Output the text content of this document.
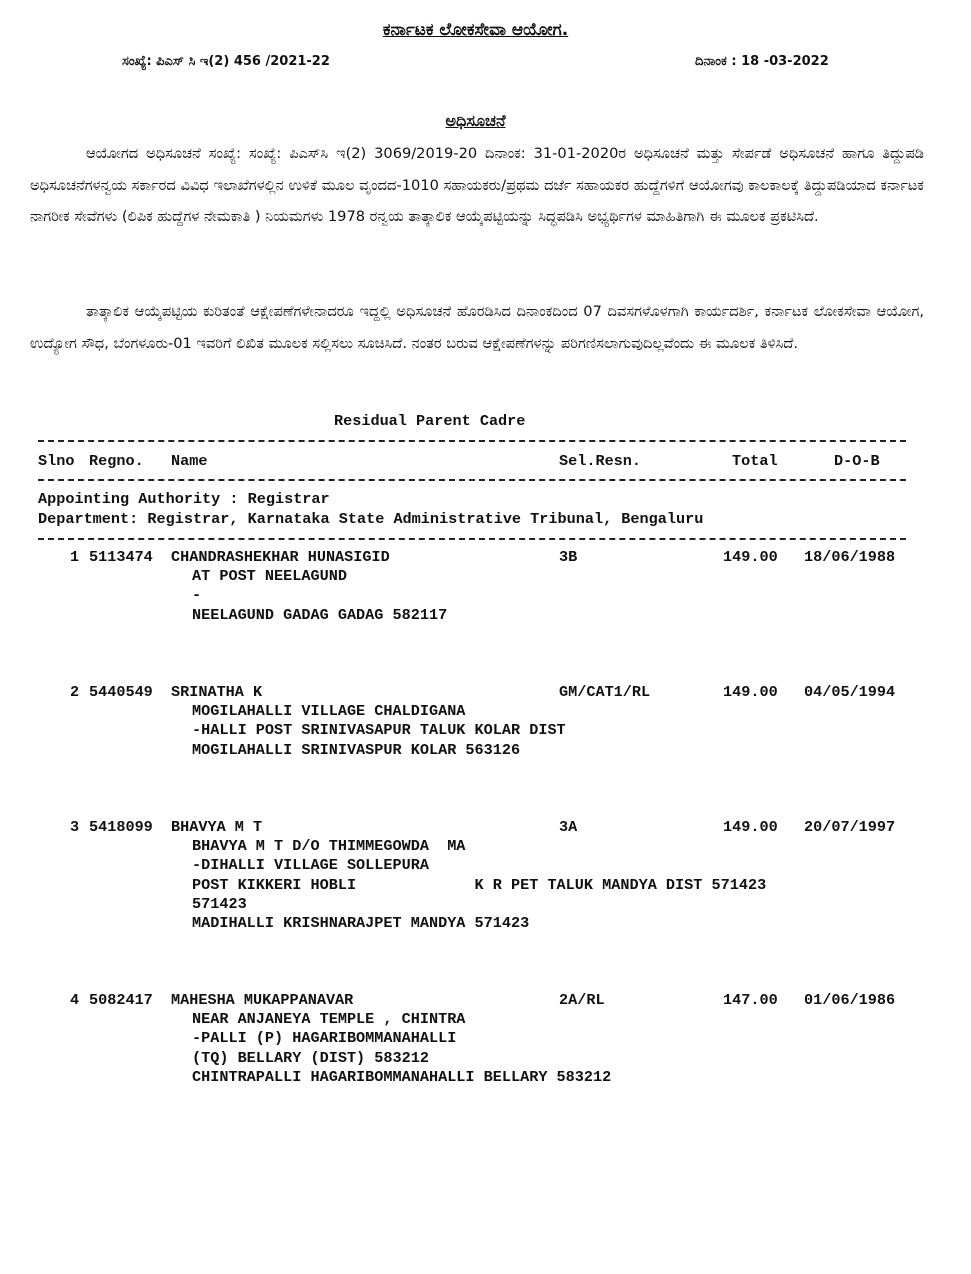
ಕರ್ನಾಟಕ ಲೋಕಸೇವಾ ಆಯೋಗ.
ಸಂಖ್ಯೆ: ಪಿಎಸ್ ಸಿ ಇ(2) 456 /2021-22	ದಿನಾಂಕ : 18 -03-2022
ಅಧಿಸೂಚನೆ
ಆಯೋಗದ ಅಧಿಸೂಚನೆ ಸಂಖ್ಯೆ: ಸಂಖ್ಯೆ: ಪಿಎಸ್‌ಸಿ ಇ(2) 3069/2019-20 ದಿನಾಂಕ: 31-01-2020ರ ಅಧಿಸೂಚನೆ ಮತ್ತು ಸೇರ್ಪಡೆ ಅಧಿಸೂಚನೆ ಹಾಗೂ ತಿದ್ದುಪಡಿ ಅಧಿಸೂಚನೆಗಳನ್ವಯ ಸರ್ಕಾರದ ವಿವಿಧ ಇಲಾಖೆಗಳಲ್ಲಿನ ಉಳಿಕೆ ಮೂಲ ವೃಂದದ-1010 ಸಹಾಯಕರು/ಪ್ರಥಮ ದರ್ಜೆ ಸಹಾಯಕರ ಹುದ್ದೆಗಳಿಗೆ ಆಯೋಗವು ಕಾಲಕಾಲಕ್ಕೆ ತಿದ್ದುಪಡಿಯಾದ ಕರ್ನಾಟಕ ನಾಗರೀಕ ಸೇವೆಗಳು (ಲಿಪಿಕ ಹುದ್ದೆಗಳ ನೇಮಕಾತಿ ) ನಿಯಮಗಳು 1978 ರನ್ವಯ ತಾತ್ಕಾಲಿಕ ಆಯ್ಕೆಪಟ್ಟಿಯನ್ನು ಸಿದ್ಧಪಡಿಸಿ ಅಭ್ಯರ್ಥಿಗಳ ಮಾಹಿತಿಗಾಗಿ ಈ ಮೂಲಕ ಪ್ರಕಟಿಸಿದೆ.
ತಾತ್ಕಾಲಿಕ ಆಯ್ಕೆಪಟ್ಟಿಯ ಕುರಿತಂತೆ ಆಕ್ಷೇಪಣೆಗಳೇನಾದರೂ ಇದ್ದಲ್ಲಿ ಅಧಿಸೂಚನೆ ಹೊರಡಿಸಿದ ದಿನಾಂಕದಿಂದ 07 ದಿವಸಗಳೊಳಗಾಗಿ ಕಾರ್ಯದರ್ಶಿ, ಕರ್ನಾಟಕ ಲೋಕಸೇವಾ ಆಯೋಗ, ಉದ್ಯೋಗ ಸೌಧ, ಬೆಂಗಳೂರು-01 ಇವರಿಗೆ ಲಿಖಿತ ಮೂಲಕ ಸಲ್ಲಿಸಲು ಸೂಚಿಸಿದೆ. ನಂತರ ಬರುವ ಆಕ್ಷೇಪಣೆಗಳನ್ನು ಪರಿಗಣಿಸಲಾಗುವುದಿಲ್ಲವೆಂದು ಈ ಮೂಲಕ ತಿಳಿಸಿದೆ.
Residual Parent Cadre
Slno Regno. Name	Sel.Resn.	Total	D-O-B
Appointing Authority : Registrar
Department: Registrar, Karnataka State Administrative Tribunal, Bengaluru
1 5113474 CHANDRASHEKHAR HUNASIGID	3B	149.00 18/06/1988
AT POST NEELAGUND
-
NEELAGUND GADAG GADAG 582117
2 5440549 SRINATHA K	GM/CAT1/RL	149.00 04/05/1994
MOGILAHALLI VILLAGE CHALDIGANA
-HALLI POST SRINIVASAPUR TALUK KOLAR DIST
MOGILAHALLI SRINIVASPUR KOLAR 563126
3 5418099 BHAVYA M T	3A	149.00 20/07/1997
BHAVYA M T D/O THIMMEGOWDA  MA
-DIHALLI VILLAGE SOLLEPURA
POST KIKKERI HOBLI             K R PET TALUK MANDYA DIST 571423
571423
MADIHALLI KRISHNARAJPET MANDYA 571423
4 5082417 MAHESHA MUKAPPANAVAR	2A/RL	147.00 01/06/1986
NEAR ANJANEYA TEMPLE , CHINTRA
-PALLI (P) HAGARIBOMMANAHALLI
(TQ) BELLARY (DIST) 583212
CHINTRAPALLI HAGARIBOMMANAHALLI BELLARY 583212
